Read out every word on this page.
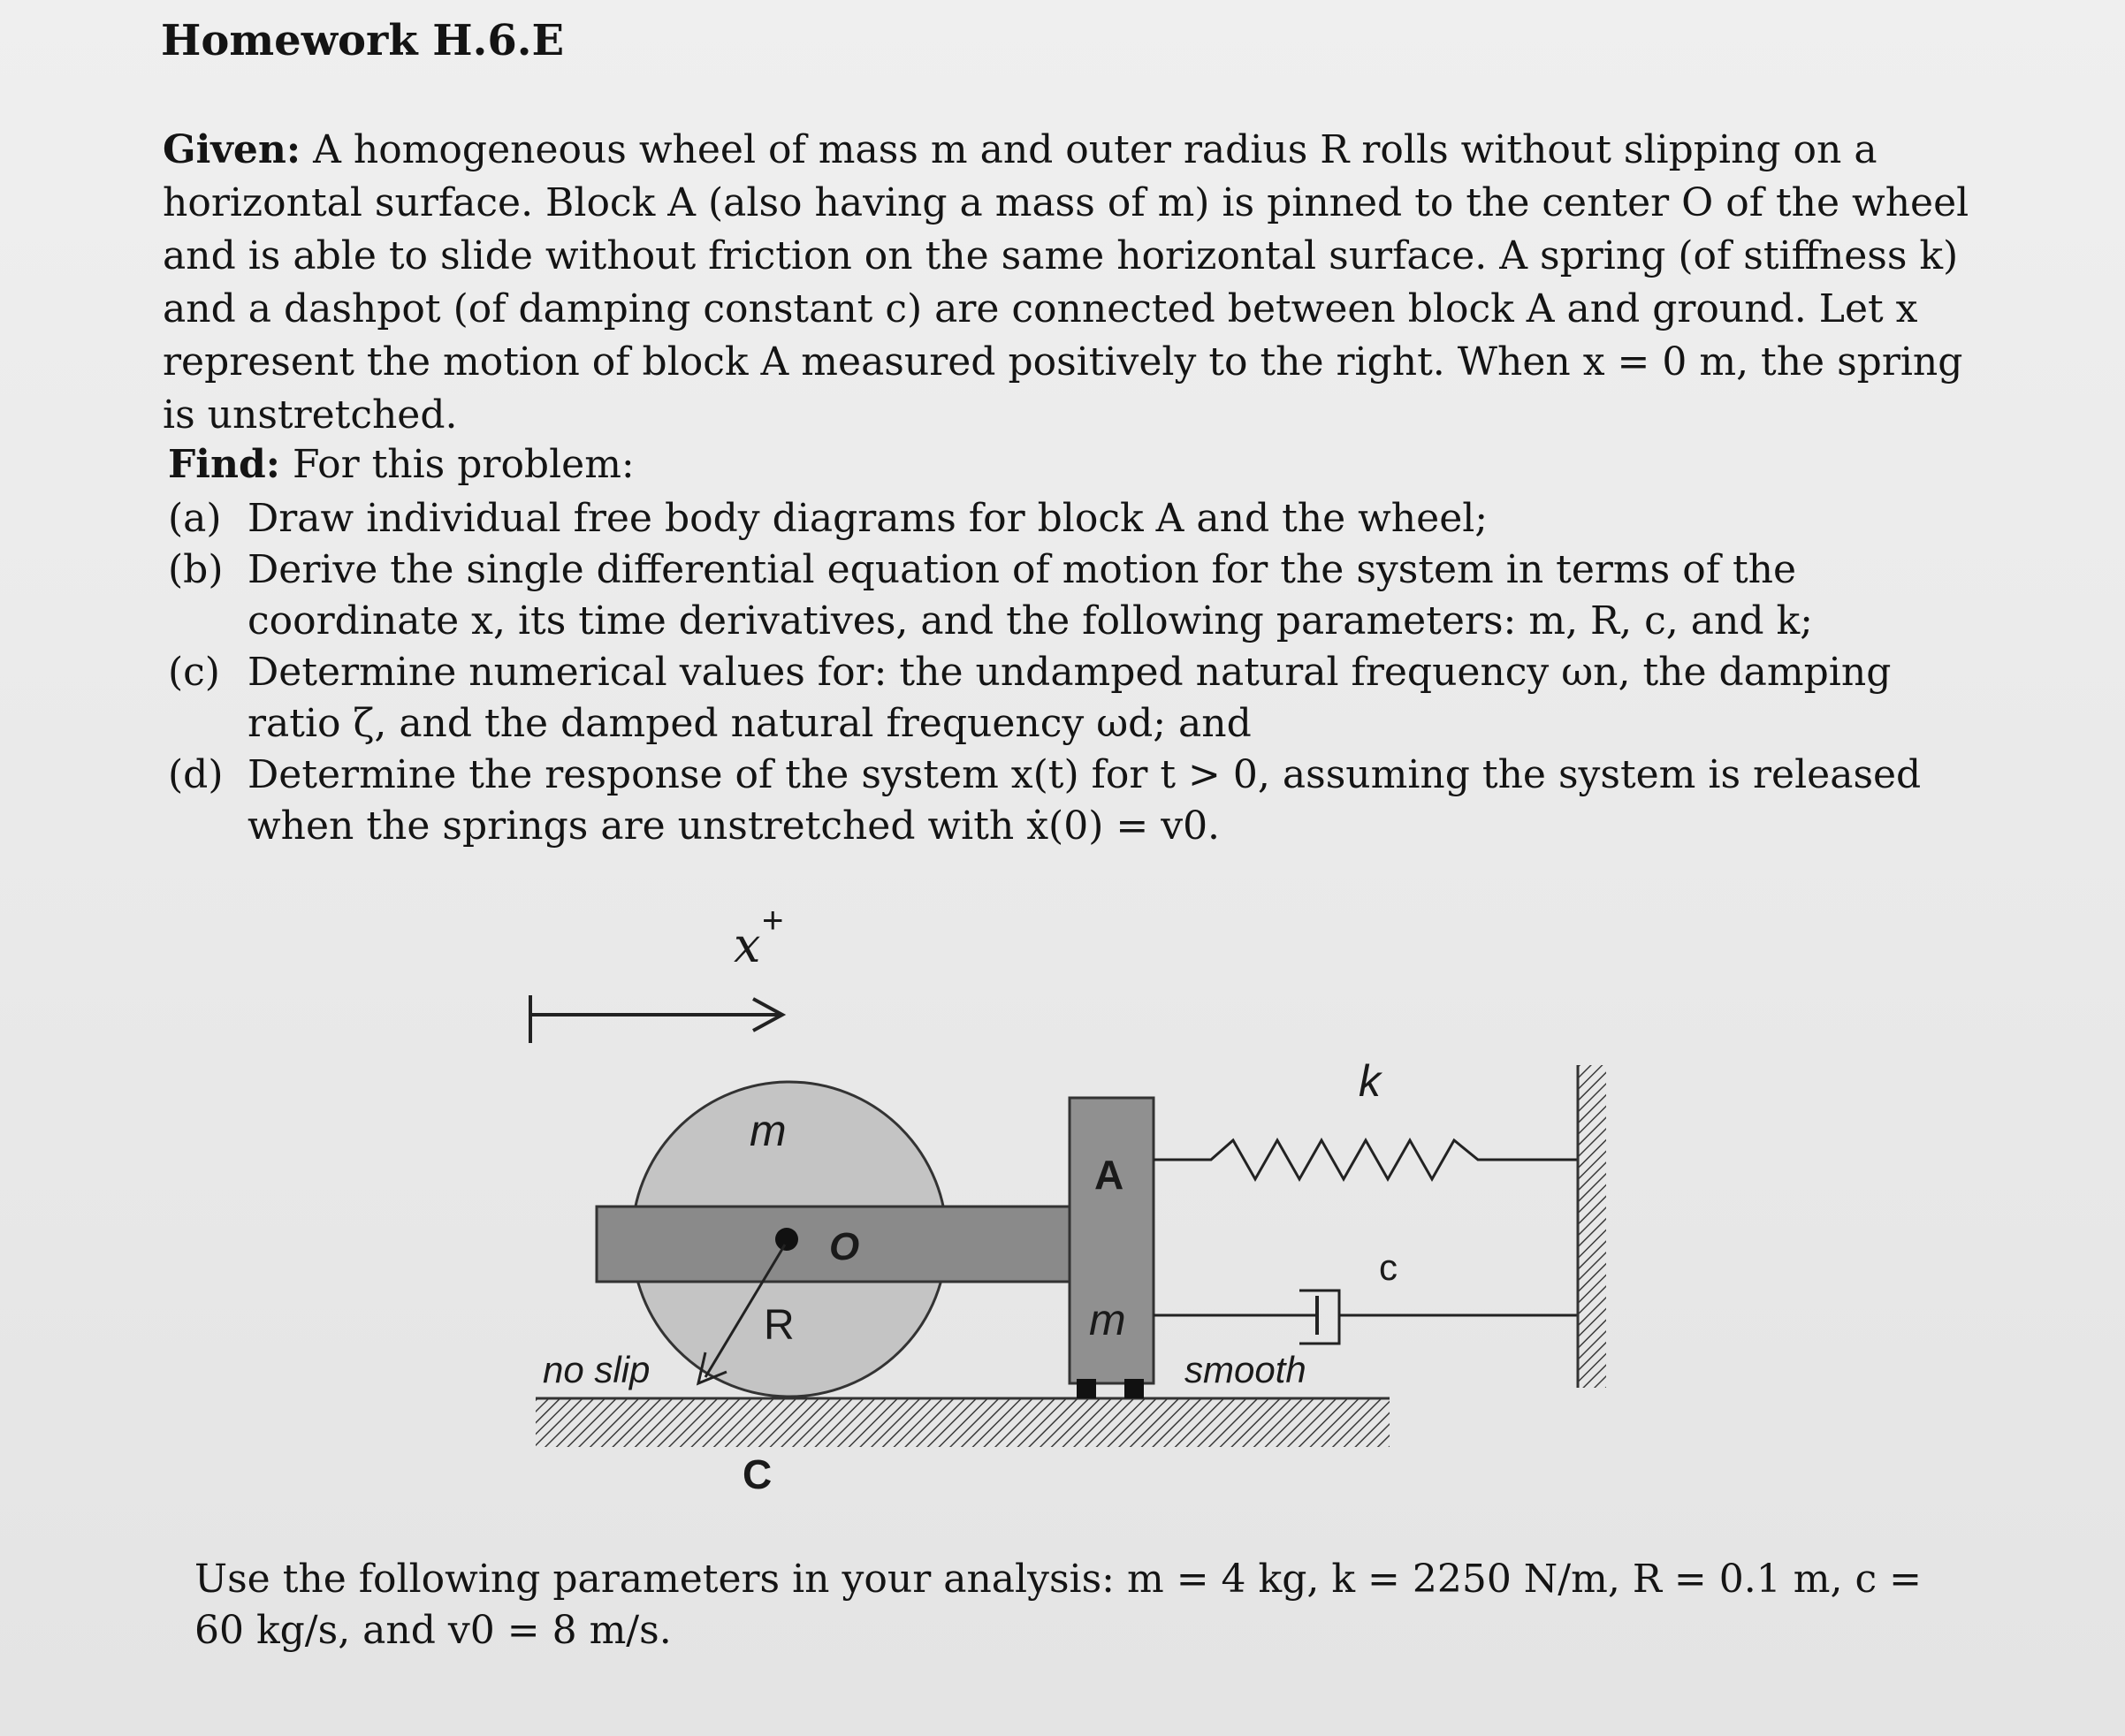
Homework H.6.E

Given: A homogeneous wheel of mass m and outer radius R rolls without slipping on a horizontal surface. Block A (also having a mass of m) is pinned to the center O of the wheel and is able to slide without friction on the same horizontal surface. A spring (of stiffness k) and a dashpot (of damping constant c) are connected between block A and ground. Let x represent the motion of block A measured positively to the right. When x = 0 m, the spring is unstretched.

Find: For this problem:

(a) Draw individual free body diagrams for block A and the wheel;
(b) Derive the single differential equation of motion for the system in terms of the coordinate x, its time derivatives, and the following parameters: m, R, c, and k;
(c) Determine numerical values for: the undamped natural frequency ωn, the damping ratio ζ, and the damped natural frequency ωd; and
(d) Determine the response of the system x(t) for t > 0, assuming the system is released when the springs are unstretched with ẋ(0) = v0.
x +
m
A
m
O
R
no slip
C
smooth
k
c

Use the following parameters in your analysis: m = 4 kg, k = 2250 N/m, R = 0.1 m, c = 60 kg/s, and v0 = 8 m/s.
